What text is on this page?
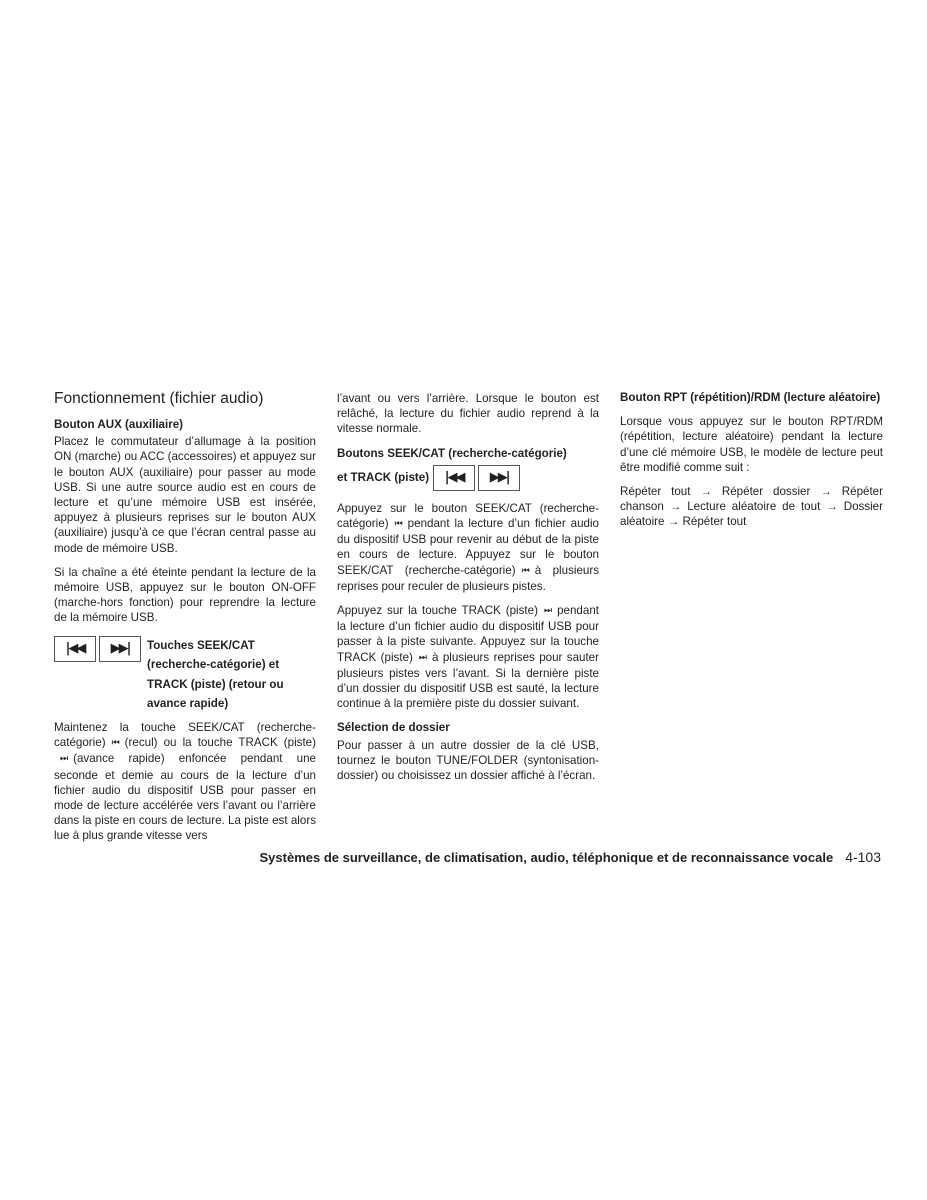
Fonctionnement (fichier audio)
Bouton AUX (auxiliaire)

Placez le commutateur d’allumage à la position ON (marche) ou ACC (accessoires) et appuyez sur le bouton AUX (auxiliaire) pour passer au mode USB. Si une autre source audio est en cours de lecture et qu’une mémoire USB est insérée, appuyez à plusieurs reprises sur le bouton AUX (auxiliaire) jusqu’à ce que l’écran central passe au mode de mémoire USB.

Si la chaîne a été éteinte pendant la lecture de la mémoire USB, appuyez sur le bouton ON-OFF (marche-hors fonction) pour reprendre la lecture de la mémoire USB.

|◀◀	▶▶|	Touches SEEK/CAT (recherche-catégorie) et TRACK (piste) (retour ou avance rapide)

Maintenez la touche SEEK/CAT (recherche-catégorie) ⏮ (recul) ou la touche TRACK (piste)⏭ (avance rapide) enfoncée pendant une seconde et demie au cours de la lecture d’un fichier audio du dispositif USB pour passer en mode de lecture accélérée vers l’avant ou l’arrière dans la piste en cours de lecture. La piste est alors lue à plus grande vitesse vers

l’avant ou vers l’arrière. Lorsque le bouton est relâché, la lecture du fichier audio reprend à la vitesse normale.

Boutons SEEK/CAT (recherche-catégorie)
et TRACK (piste)	|◀◀	▶▶|

Appuyez sur le bouton SEEK/CAT (recherche-catégorie) ⏮ pendant la lecture d’un fichier audio du dispositif USB pour revenir au début de la piste en cours de lecture. Appuyez sur le bouton SEEK/CAT (recherche-catégorie) ⏮ à plusieurs reprises pour reculer de plusieurs pistes.

Appuyez sur la touche TRACK (piste) ⏭ pendant la lecture d’un fichier audio du dispositif USB pour passer à la piste suivante. Appuyez sur la touche TRACK (piste) ⏭ à plusieurs reprises pour sauter plusieurs pistes vers l’avant. Si la dernière piste d’un dossier du dispositif USB est sauté, la lecture continue à la première piste du dossier suivant.

Sélection de dossier

Pour passer à un autre dossier de la clé USB, tournez le bouton TUNE/FOLDER (syntonisation-dossier) ou choisissez un dossier affiché à l’écran.

Bouton RPT (répétition)/RDM (lecture aléatoire)

Lorsque vous appuyez sur le bouton RPT/RDM (répétition, lecture aléatoire) pendant la lecture d’une clé mémoire USB, le modèle de lecture peut être modifié comme suit :

Répéter tout → Répéter dossier → Répéter chanson → Lecture aléatoire de tout → Dossier aléatoire → Répéter tout

Systèmes de surveillance, de climatisation, audio, téléphonique et de reconnaissance vocale 4-103
